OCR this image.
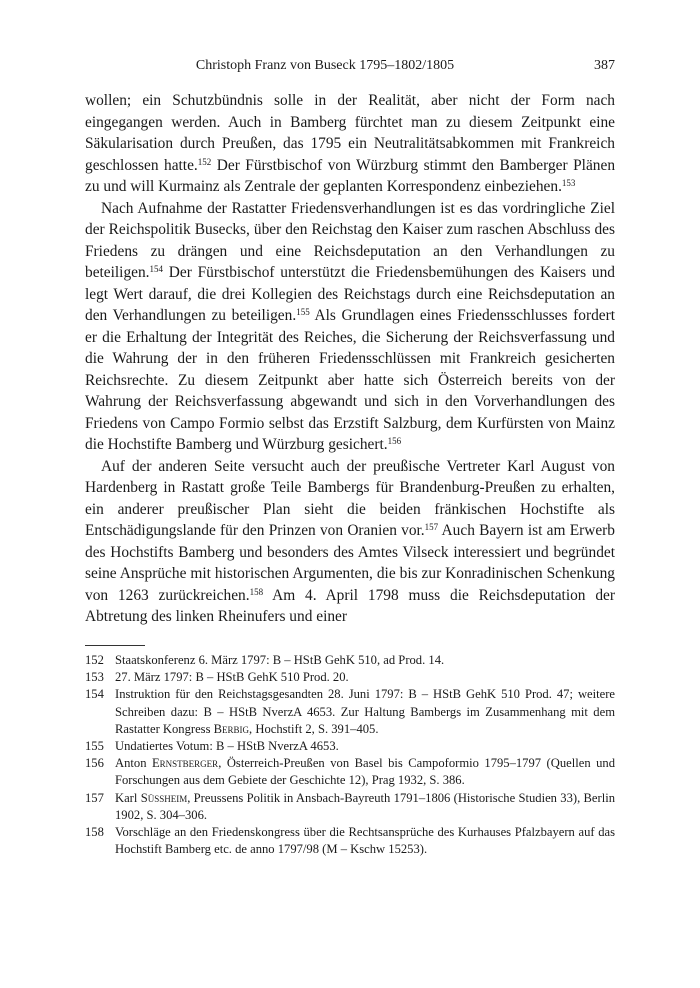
Christoph Franz von Buseck 1795–1802/1805	387

wollen; ein Schutzbündnis solle in der Realität, aber nicht der Form nach eingegangen werden. Auch in Bamberg fürchtet man zu diesem Zeitpunkt eine Säkularisation durch Preußen, das 1795 ein Neutralitätsabkommen mit Frankreich geschlossen hatte.$^{152}$ Der Fürstbischof von Würzburg stimmt den Bamberger Plänen zu und will Kurmainz als Zentrale der geplanten Korrespondenz einbeziehen.$^{153}$

Nach Aufnahme der Rastatter Friedensverhandlungen ist es das vordringliche Ziel der Reichspolitik Busecks, über den Reichstag den Kaiser zum raschen Abschluss des Friedens zu drängen und eine Reichsdeputation an den Verhandlungen zu beteiligen.$^{154}$ Der Fürstbischof unterstützt die Friedensbemühungen des Kaisers und legt Wert darauf, die drei Kollegien des Reichstags durch eine Reichsdeputation an den Verhandlungen zu beteiligen.$^{155}$ Als Grundlagen eines Friedensschlusses fordert er die Erhaltung der Integrität des Reiches, die Sicherung der Reichsverfassung und die Wahrung der in den früheren Friedensschlüssen mit Frankreich gesicherten Reichsrechte. Zu diesem Zeitpunkt aber hatte sich Österreich bereits von der Wahrung der Reichsverfassung abgewandt und sich in den Vorverhandlungen des Friedens von Campo Formio selbst das Erzstift Salzburg, dem Kurfürsten von Mainz die Hochstifte Bamberg und Würzburg gesichert.$^{156}$

Auf der anderen Seite versucht auch der preußische Vertreter Karl August von Hardenberg in Rastatt große Teile Bambergs für Brandenburg-Preußen zu erhalten, ein anderer preußischer Plan sieht die beiden fränkischen Hochstifte als Entschädigungslande für den Prinzen von Oranien vor.$^{157}$ Auch Bayern ist am Erwerb des Hochstifts Bamberg und besonders des Amtes Vilseck interessiert und begründet seine Ansprüche mit historischen Argumenten, die bis zur Konradinischen Schenkung von 1263 zurückreichen.$^{158}$ Am 4. April 1798 muss die Reichsdeputation der Abtretung des linken Rheinufers und einer

152 Staatskonferenz 6. März 1797: B – HStB GehK 510, ad Prod. 14.
153 27. März 1797: B – HStB GehK 510 Prod. 20.
154 Instruktion für den Reichstagsgesandten 28. Juni 1797: B – HStB GehK 510 Prod. 47; weitere Schreiben dazu: B – HStB NverzA 4653. Zur Haltung Bambergs im Zusammenhang mit dem Rastatter Kongress Berbig, Hochstift 2, S. 391–405.
155 Undatiertes Votum: B – HStB NverzA 4653.
156 Anton Ernstberger, Österreich-Preußen von Basel bis Campoformio 1795–1797 (Quellen und Forschungen aus dem Gebiete der Geschichte 12), Prag 1932, S. 386.
157 Karl Süssheim, Preussens Politik in Ansbach-Bayreuth 1791–1806 (Historische Studien 33), Berlin 1902, S. 304–306.
158 Vorschläge an den Friedenskongress über die Rechtsansprüche des Kurhauses Pfalzbayern auf das Hochstift Bamberg etc. de anno 1797/98 (M – Kschw 15253).
